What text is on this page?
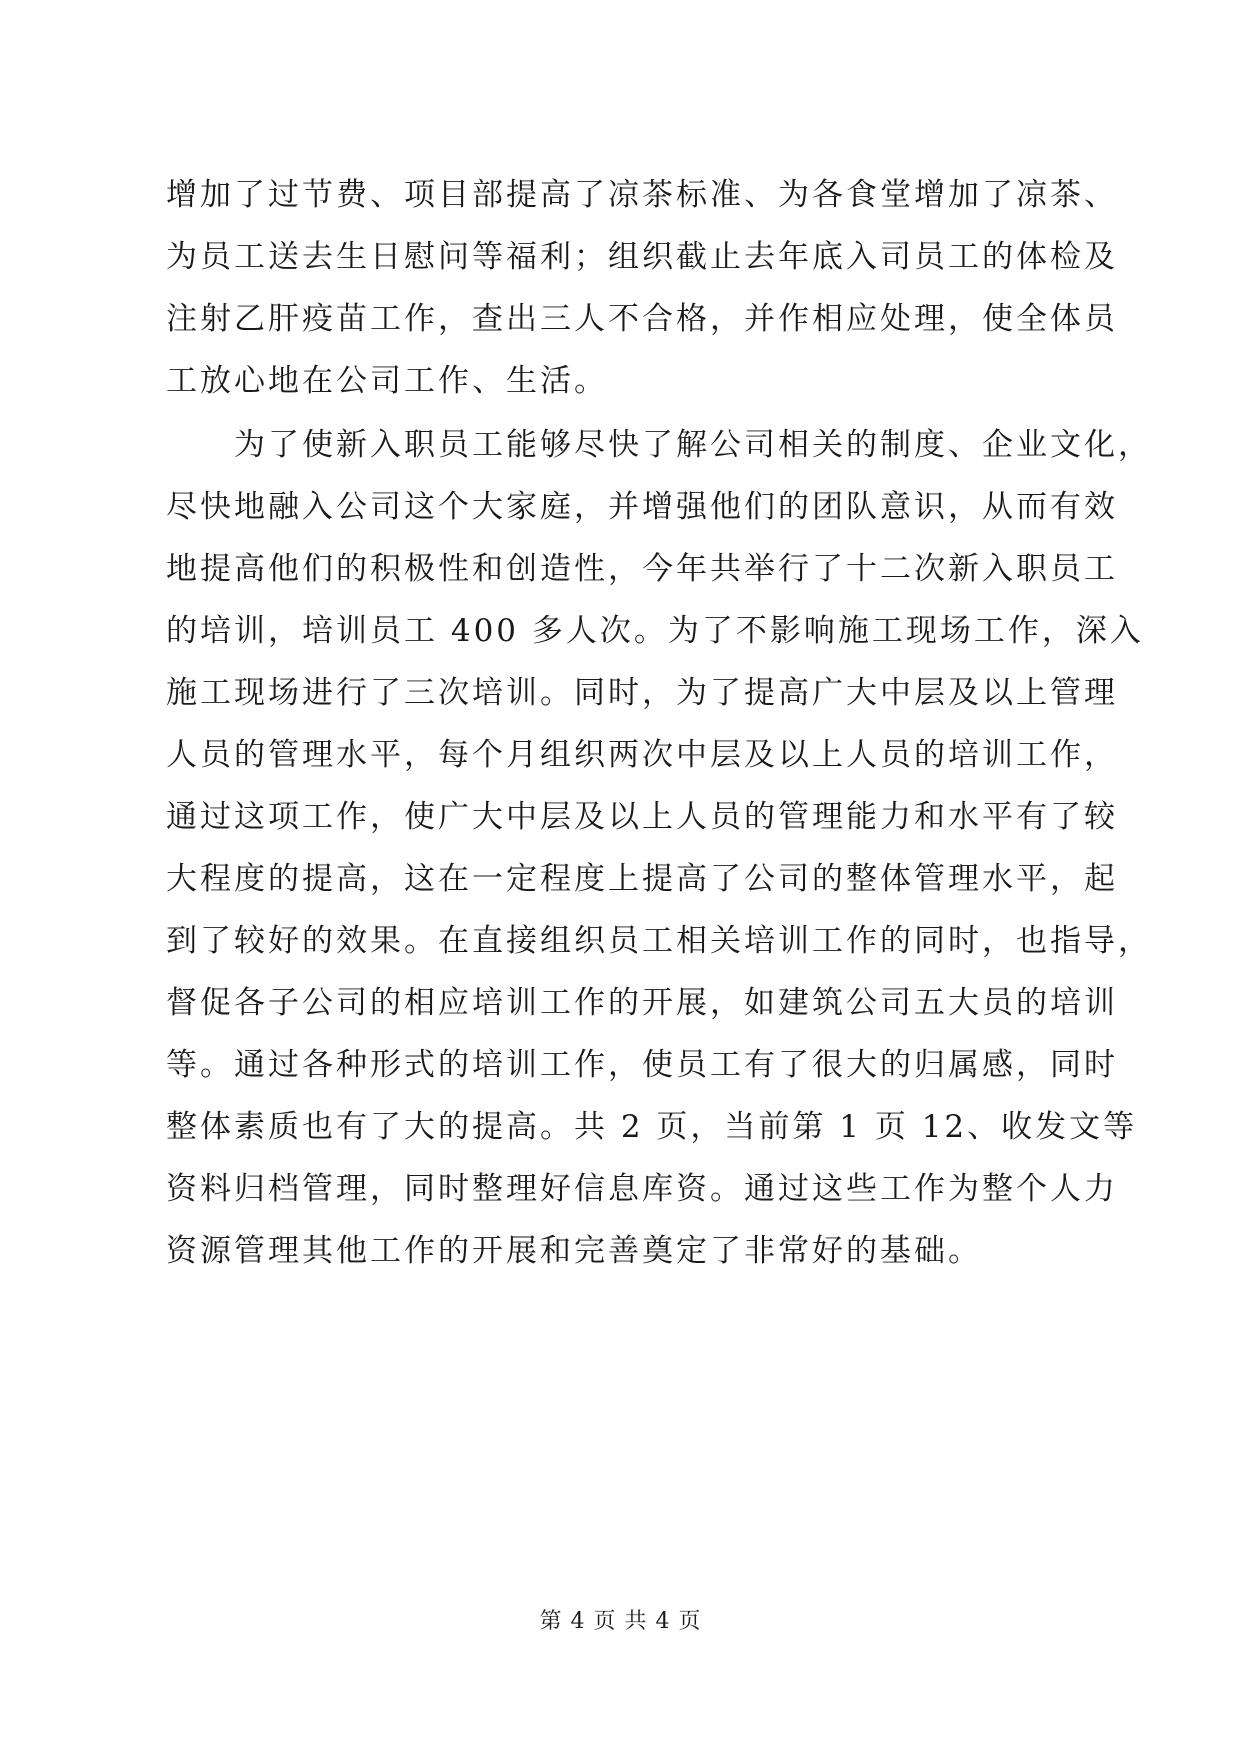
增加了过节费、项目部提高了凉茶标准、为各食堂增加了凉茶、
为员工送去生日慰问等福利；组织截止去年底入司员工的体检及
注射乙肝疫苗工作，查出三人不合格，并作相应处理，使全体员
工放心地在公司工作、生活。
　　为了使新入职员工能够尽快了解公司相关的制度、企业文化，
尽快地融入公司这个大家庭，并增强他们的团队意识，从而有效
地提高他们的积极性和创造性，今年共举行了十二次新入职员工
的培训，培训员工 400 多人次。为了不影响施工现场工作，深入
施工现场进行了三次培训。同时，为了提高广大中层及以上管理
人员的管理水平，每个月组织两次中层及以上人员的培训工作，
通过这项工作，使广大中层及以上人员的管理能力和水平有了较
大程度的提高，这在一定程度上提高了公司的整体管理水平，起
到了较好的效果。在直接组织员工相关培训工作的同时，也指导，
督促各子公司的相应培训工作的开展，如建筑公司五大员的培训
等。通过各种形式的培训工作，使员工有了很大的归属感，同时
整体素质也有了大的提高。共 2 页，当前第 1 页 12、收发文等
资料归档管理，同时整理好信息库资。通过这些工作为整个人力
资源管理其他工作的开展和完善奠定了非常好的基础。
第 4 页 共 4 页
